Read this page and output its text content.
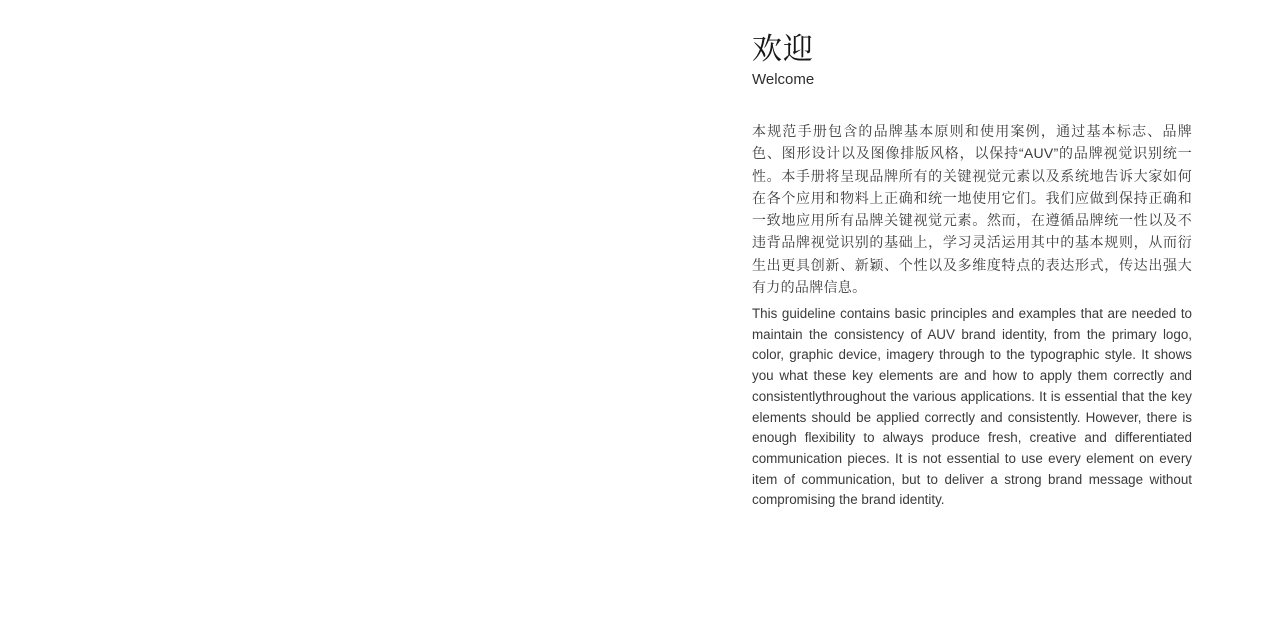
欢迎
Welcome

本规范手册包含的品牌基本原则和使用案例，通过基本标志、品牌色、图形设计以及图像排版风格，以保持“AUV”的品牌视觉识别统一性。本手册将呈现品牌所有的关键视觉元素以及系统地告诉大家如何在各个应用和物料上正确和统一地使用它们。我们应做到保持正确和一致地应用所有品牌关键视觉元素。然而，在遵循品牌统一性以及不违背品牌视觉识别的基础上，学习灵活运用其中的基本规则，从而衍生出更具创新、新颖、个性以及多维度特点的表达形式，传达出强大有力的品牌信息。

This guideline contains basic principles and examples that are needed to maintain the consistency of AUV brand identity, from the primary logo, color, graphic device, imagery through to the typographic style. It shows you what these key elements are and how to apply them correctly and consistentlythroughout the various applications. It is essential that the key elements should be applied correctly and consistently. However, there is enough flexibility to always produce fresh, creative and differentiated communication pieces. It is not essential to use every element on every item of communication, but to deliver a strong brand message without compromising the brand identity.
